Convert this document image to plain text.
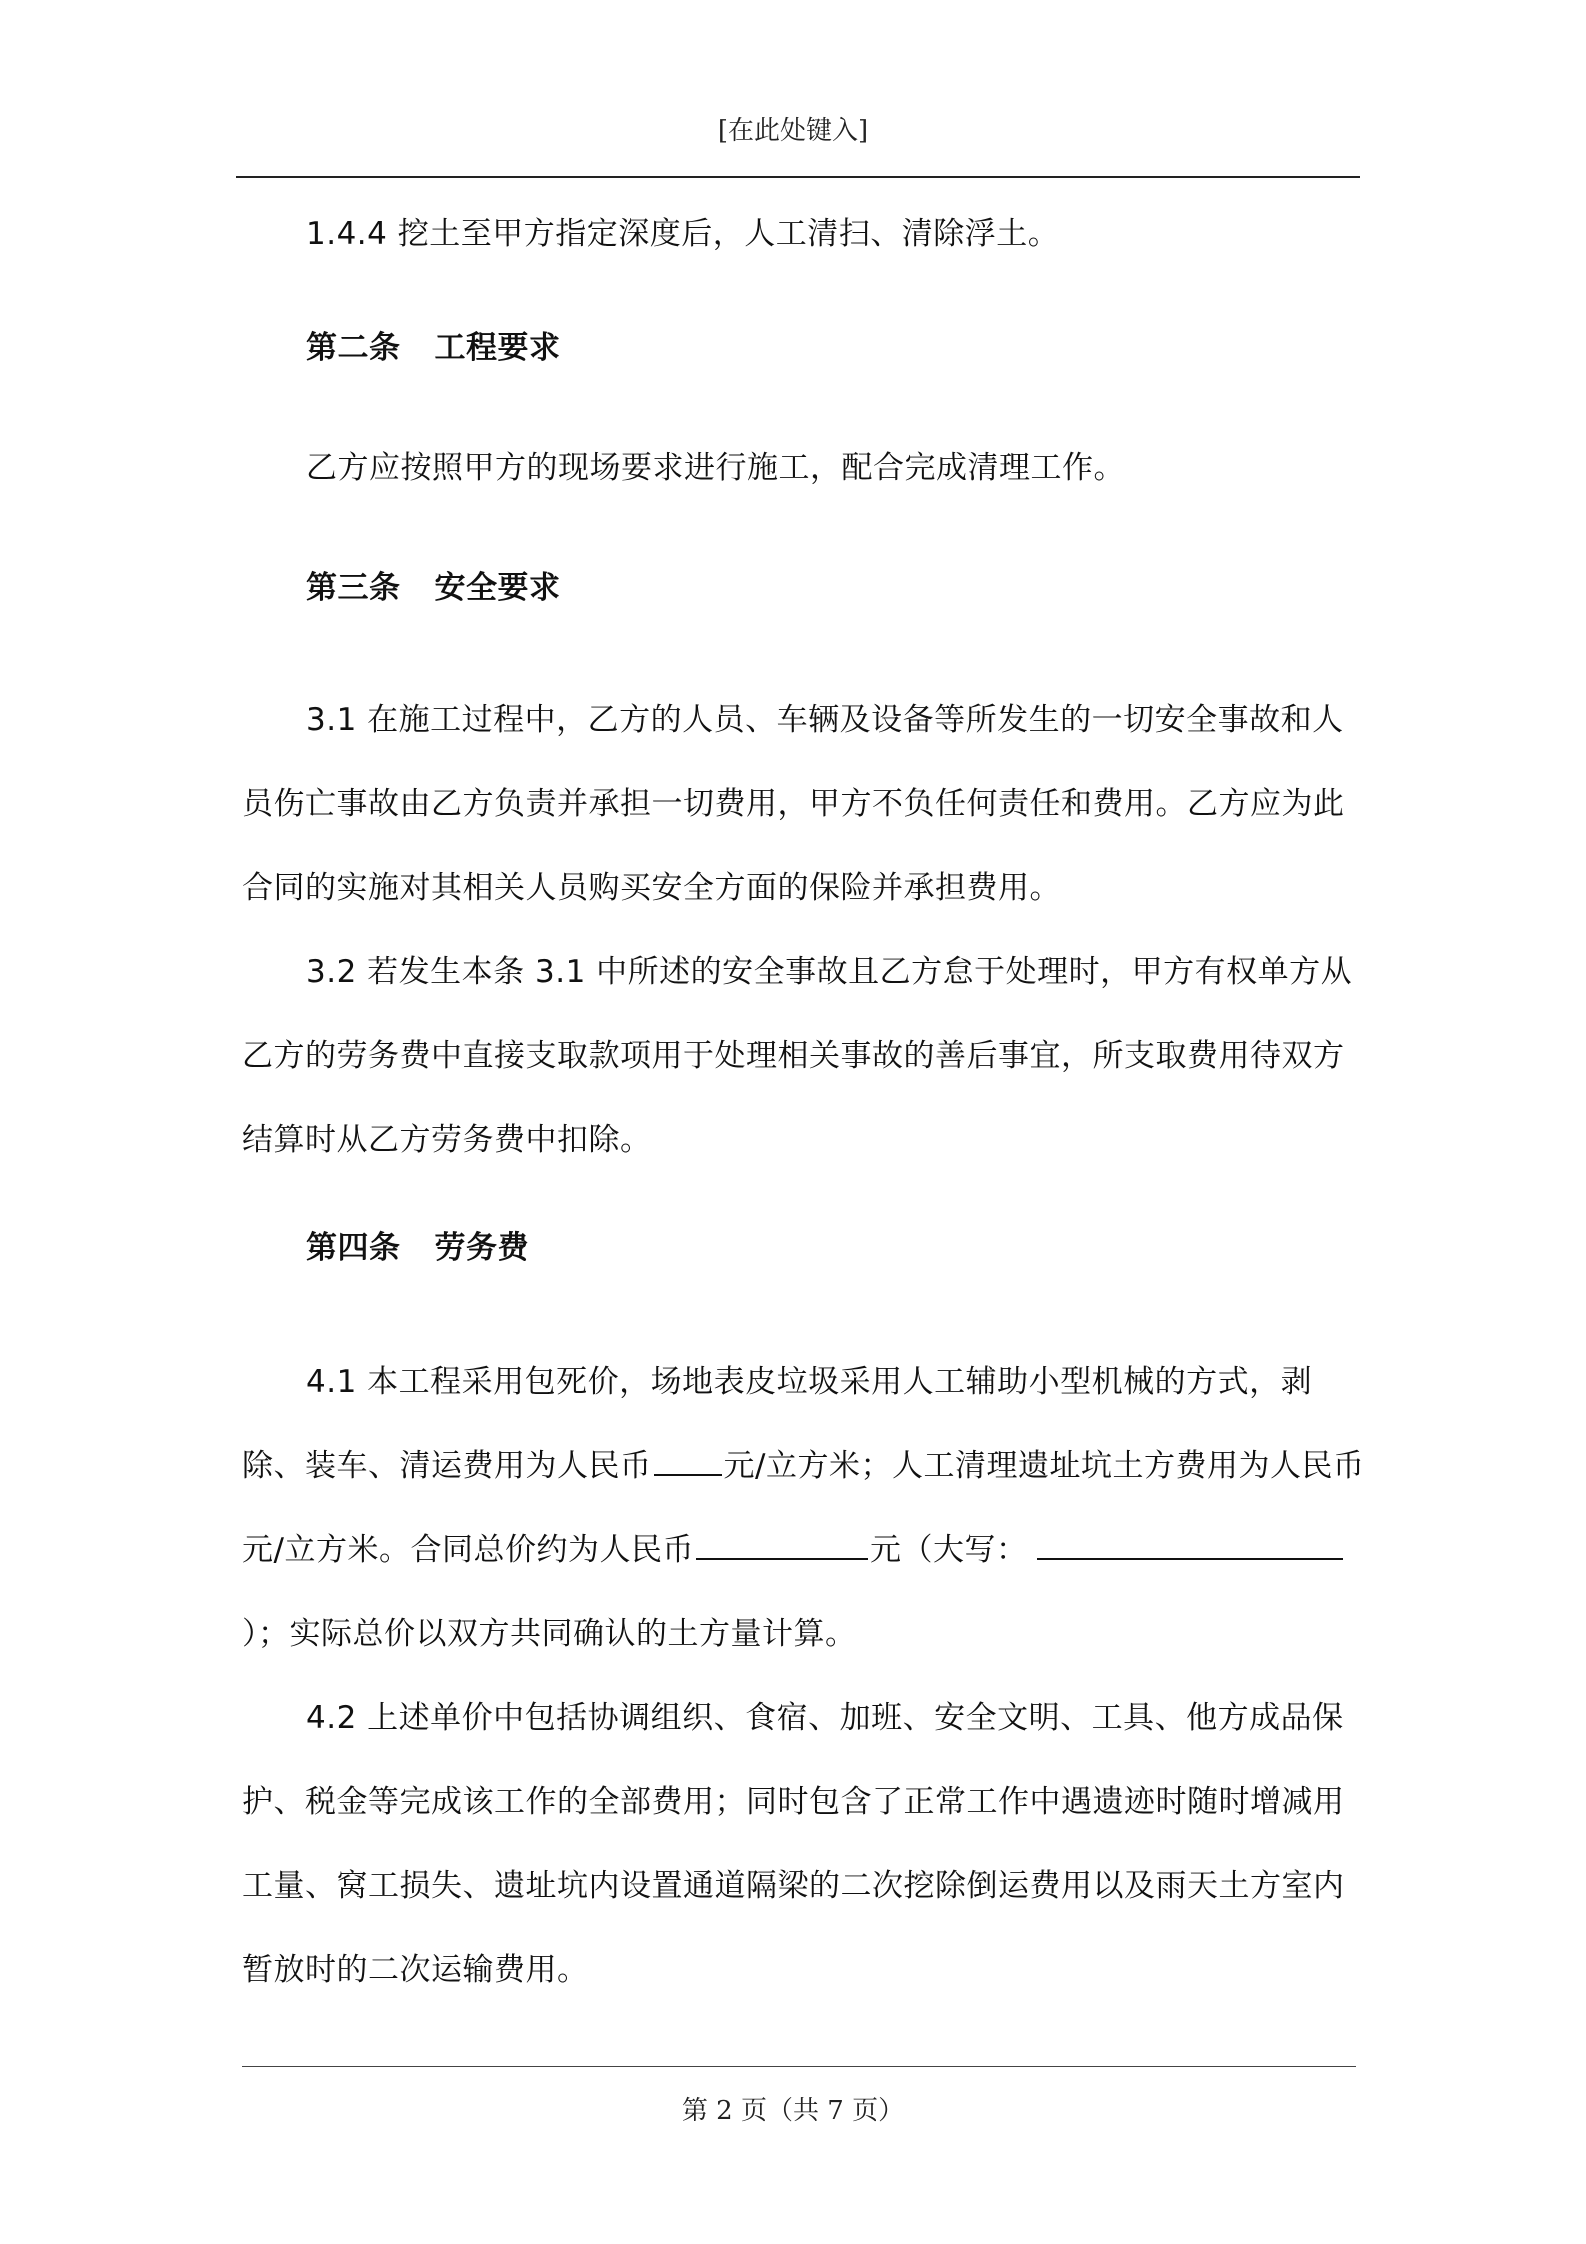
[在此处键入]

1.4.4 挖土至甲方指定深度后，人工清扫、清除浮土。

第二条 工程要求

乙方应按照甲方的现场要求进行施工，配合完成清理工作。

第三条 安全要求

3.1 在施工过程中，乙方的人员、车辆及设备等所发生的一切安全事故和人员伤亡事故由乙方负责并承担一切费用，甲方不负任何责任和费用。乙方应为此合同的实施对其相关人员购买安全方面的保险并承担费用。

3.2 若发生本条 3.1 中所述的安全事故且乙方怠于处理时，甲方有权单方从乙方的劳务费中直接支取款项用于处理相关事故的善后事宜，所支取费用待双方结算时从乙方劳务费中扣除。

第四条 劳务费

4.1 本工程采用包死价，场地表皮垃圾采用人工辅助小型机械的方式，剥除、装车、清运费用为人民币 元/立方米；人工清理遗址坑土方费用为人民币元/立方米。合同总价约为人民币	元（大写：）；实际总价以双方共同确认的土方量计算。

4.2 上述单价中包括协调组织、食宿、加班、安全文明、工具、他方成品保护、税金等完成该工作的全部费用；同时包含了正常工作中遇遗迹时随时增减用工量、窝工损失、遗址坑内设置通道隔梁的二次挖除倒运费用以及雨天土方室内暂放时的二次运输费用。

第 2 页（共 7 页）
